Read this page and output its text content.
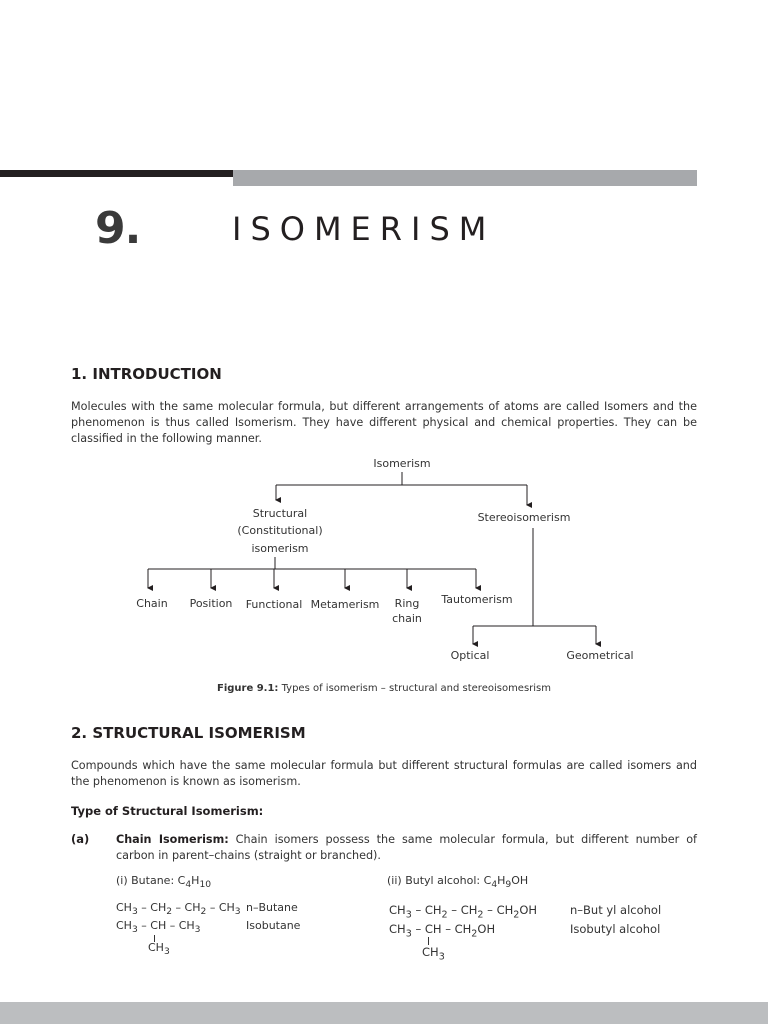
9.	ISOMERISM
1. INTRODUCTION
Molecules with the same molecular formula, but different arrangements of atoms are called Isomers and the phenomenon is thus called Isomerism. They have different physical and chemical properties. They can be classified in the following manner.
Isomerism
Structural
(Constitutional)
isomerism
Stereoisomerism
Chain	Position	Functional Metamerism	Ring
chain
Tautomerism
Optical	Geometrical
Figure 9.1: Types of isomerism – structural and stereoisomesrism
2. STRUCTURAL ISOMERISM
Compounds which have the same molecular formula but different structural formulas are called isomers and the phenomenon is known as isomerism.
Type of Structural Isomerism:
(a) Chain Isomerism: Chain isomers possess the same molecular formula, but different number of carbon in parent–chains (straight or branched).
(i) Butane: $C_4H_{10}$	(ii) Butyl alcohol: $C_4H_9OH$
$CH_3 - CH_2 - CH_2 - CH_3$ n–Butane
$CH_3$ – CH – $CH_3$
$CH_3$
Isobutane
$CH_3 - CH_2 - CH_2 - CH_2OH$	n–But yl alcohol
$CH_3$ – CH – $CH_2OH$
$CH_3$
Isobutyl alcohol
